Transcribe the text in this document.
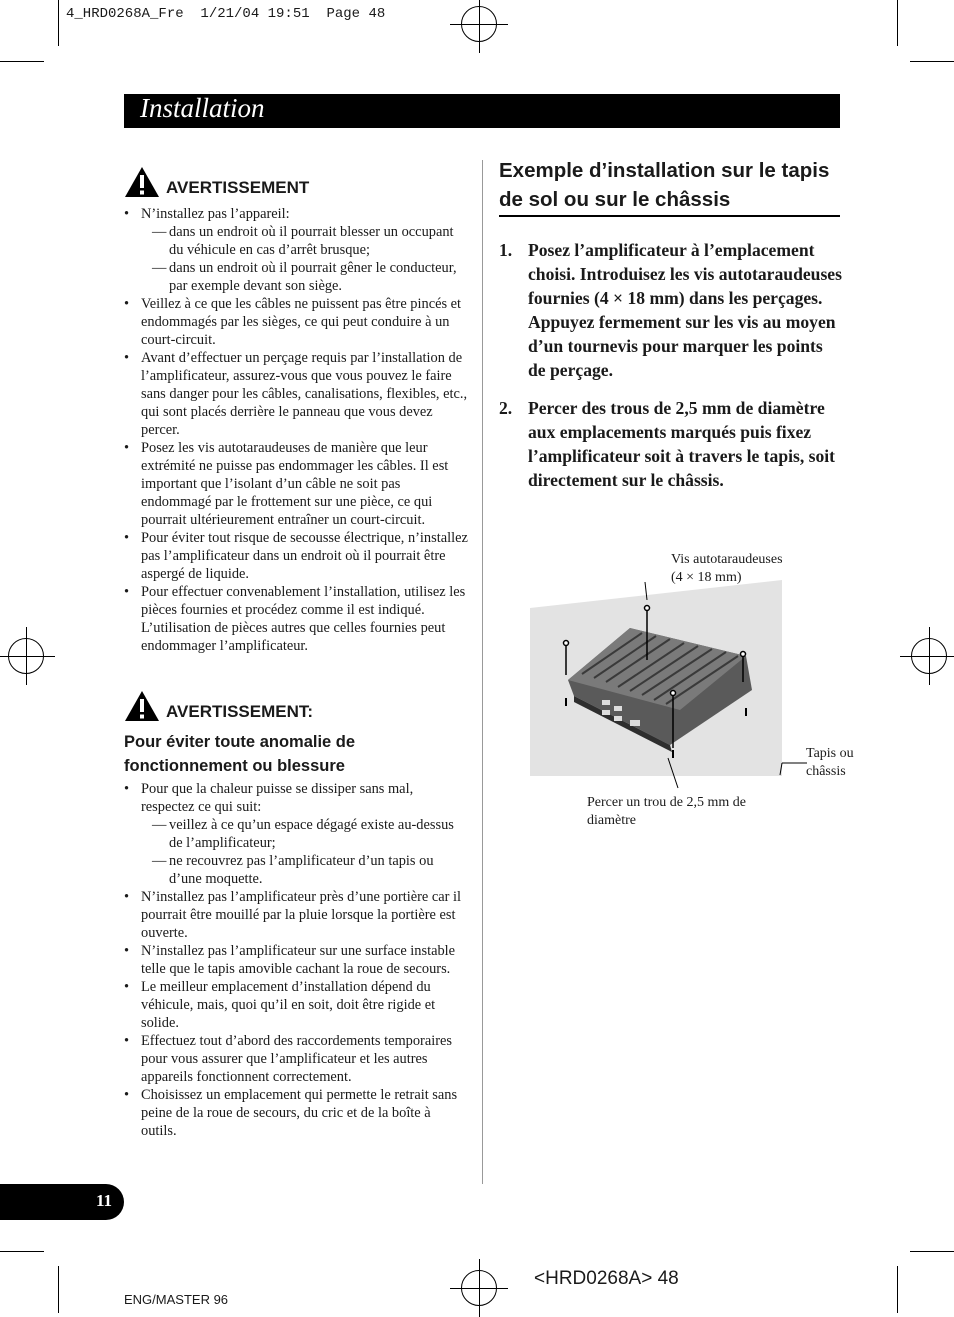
4_HRD0268A_Fre  1/21/04 19:51  Page 48
Installation
AVERTISSEMENT
• N’installez pas l’appareil:
— dans un endroit où il pourrait blesser un occupant du véhicule en cas d’arrêt brusque;
— dans un endroit où il pourrait gêner le conducteur, par exemple devant son siège.
• Veillez à ce que les câbles ne puissent pas être pincés et endommagés par les sièges, ce qui peut conduire à un court-circuit.
• Avant d’effectuer un perçage requis par l’installation de l’amplificateur, assurez-vous que vous pouvez le faire sans danger pour les câbles, canalisations, flexibles, etc., qui sont placés derrière le panneau que vous devez percer.
• Posez les vis autotaraudeuses de manière que leur extrémité ne puisse pas endommager les câbles. Il est important que l’isolant d’un câble ne soit pas endommagé par le frottement sur une pièce, ce qui pourrait ultérieurement entraîner un court-circuit.
• Pour éviter tout risque de secousse électrique, n’installez pas l’amplificateur dans un endroit où il pourrait être aspergé de liquide.
• Pour effectuer convenablement l’installation, utilisez les pièces fournies et procédez comme il est indiqué. L’utilisation de pièces autres que celles fournies peut endommager l’amplificateur.
AVERTISSEMENT:
Pour éviter toute anomalie de fonctionnement ou blessure
• Pour que la chaleur puisse se dissiper sans mal, respectez ce qui suit:
— veillez à ce qu’un espace dégagé existe au-dessus de l’amplificateur;
— ne recouvrez pas l’amplificateur d’un tapis ou d’une moquette.
• N’installez pas l’amplificateur près d’une portière car il pourrait être mouillé par la pluie lorsque la portière est ouverte.
• N’installez pas l’amplificateur sur une surface instable telle que le tapis amovible cachant la roue de secours.
• Le meilleur emplacement d’installation dépend du véhicule, mais, quoi qu’il en soit, doit être rigide et solide.
• Effectuez tout d’abord des raccordements temporaires pour vous assurer que l’amplificateur et les autres appareils fonctionnent correctement.
• Choisissez un emplacement qui permette le retrait sans peine de la roue de secours, du cric et de la boîte à outils.
Exemple d’installation sur le tapis de sol ou sur le châssis
1. Posez l’amplificateur à l’emplacement choisi. Introduisez les vis autotaraudeuses fournies (4 × 18 mm) dans les perçages. Appuyez fermement sur les vis au moyen d’un tournevis pour marquer les points de perçage.
2. Percer des trous de 2,5 mm de diamètre aux emplacements marqués puis fixez l’amplificateur soit à travers le tapis, soit directement sur le châssis.
Vis autotaraudeuses
(4 × 18 mm)
Tapis ou
châssis
Percer un trou de 2,5 mm de
diamètre
11
ENG/MASTER 96
<HRD0268A> 48
